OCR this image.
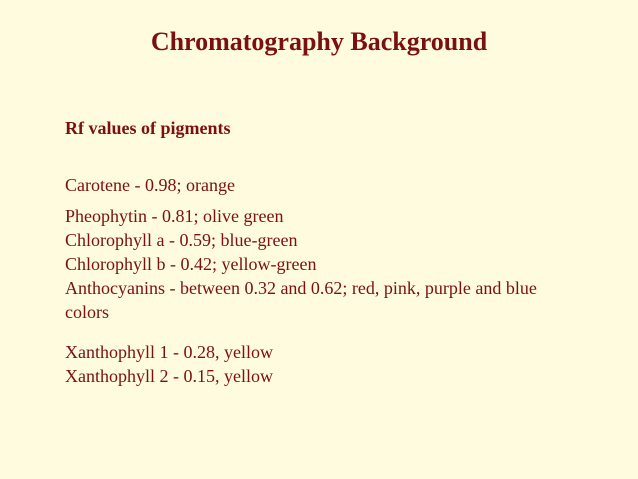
Chromatography Background
Rf values of pigments
Carotene - 0.98; orange
Pheophytin - 0.81; olive green
Chlorophyll a - 0.59; blue-green
Chlorophyll b - 0.42; yellow-green
Anthocyanins - between 0.32 and 0.62; red, pink, purple and blue colors
Xanthophyll 1 - 0.28, yellow
Xanthophyll 2 - 0.15, yellow
